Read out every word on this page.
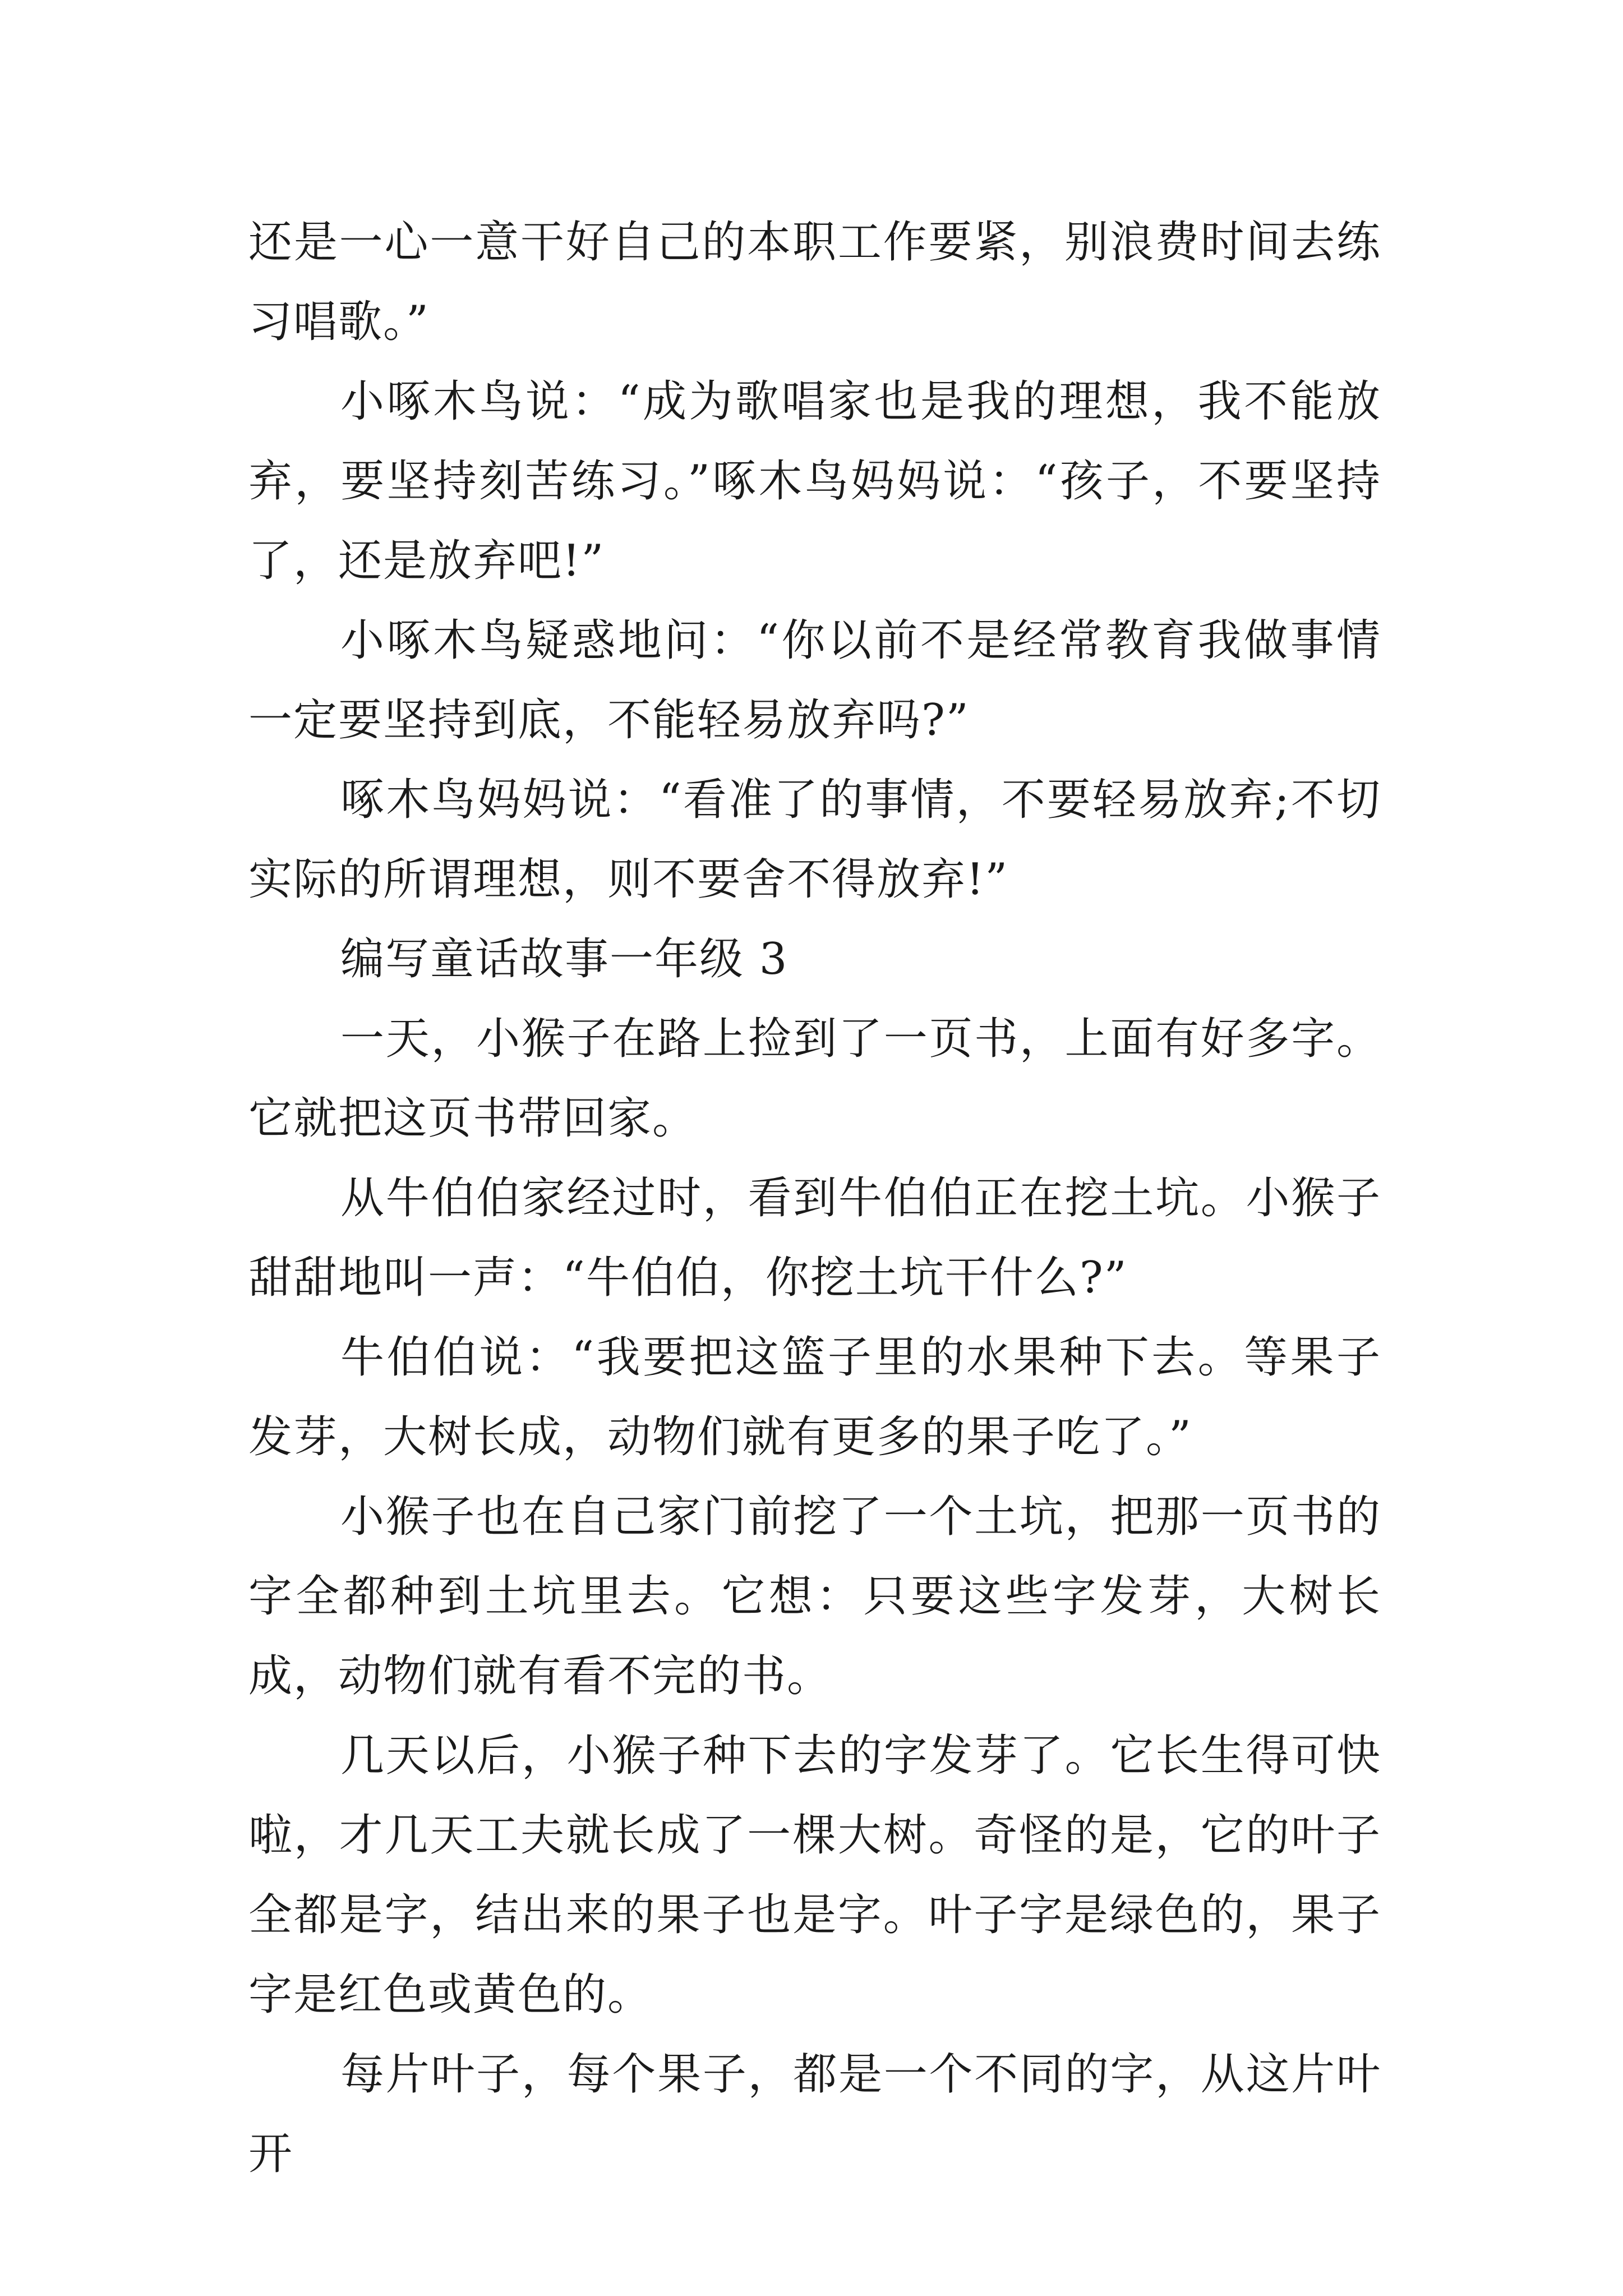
还是一心一意干好自己的本职工作要紧，别浪费时间去练习唱歌。”

小啄木鸟说：“成为歌唱家也是我的理想，我不能放弃，要坚持刻苦练习。”啄木鸟妈妈说：“孩子，不要坚持了，还是放弃吧!”

小啄木鸟疑惑地问：“你以前不是经常教育我做事情一定要坚持到底，不能轻易放弃吗?”

啄木鸟妈妈说：“看准了的事情，不要轻易放弃;不切实际的所谓理想，则不要舍不得放弃!”

编写童话故事一年级 3

一天，小猴子在路上捡到了一页书，上面有好多字。它就把这页书带回家。

从牛伯伯家经过时，看到牛伯伯正在挖土坑。小猴子甜甜地叫一声：“牛伯伯，你挖土坑干什么?”

牛伯伯说：“我要把这篮子里的水果种下去。等果子发芽，大树长成，动物们就有更多的果子吃了。”

小猴子也在自己家门前挖了一个土坑，把那一页书的字全都种到土坑里去。它想：只要这些字发芽，大树长成，动物们就有看不完的书。

几天以后，小猴子种下去的字发芽了。它长生得可快啦，才几天工夫就长成了一棵大树。奇怪的是，它的叶子全都是字，结出来的果子也是字。叶子字是绿色的，果子字是红色或黄色的。

每片叶子，每个果子，都是一个不同的字，从这片叶开
